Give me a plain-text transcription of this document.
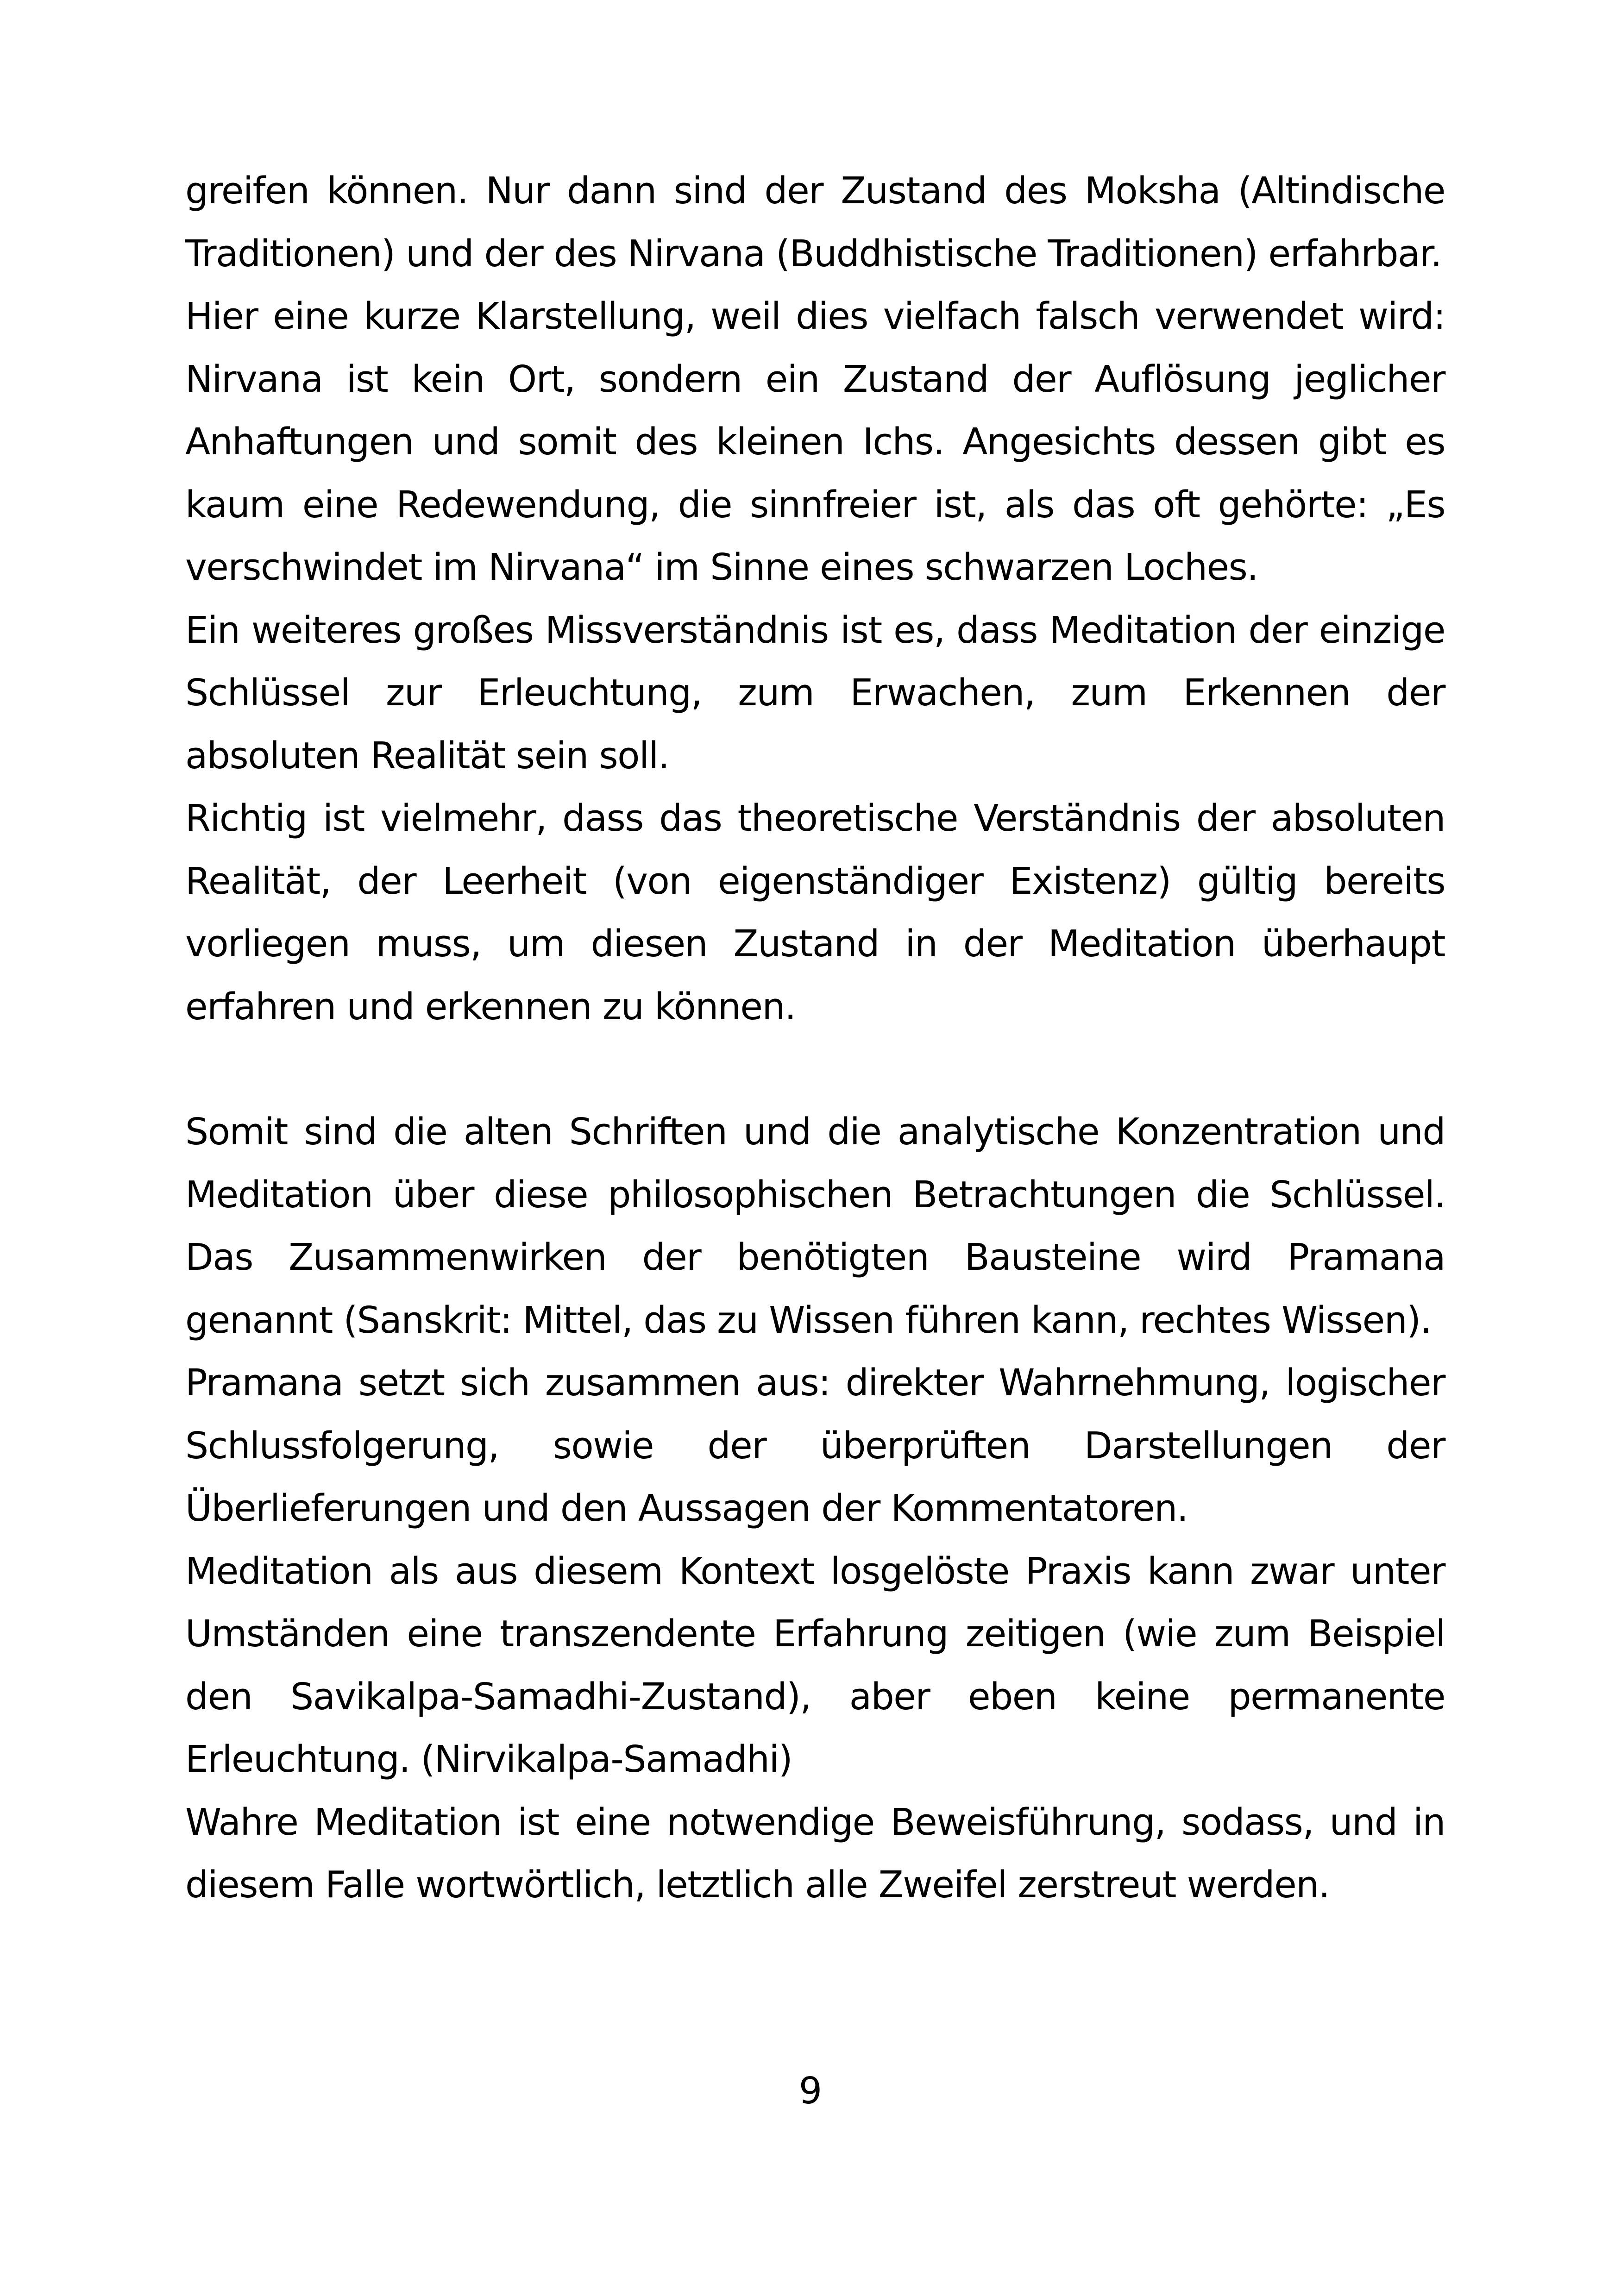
greifen können. Nur dann sind der Zustand des Moksha (Altindische Traditionen) und der des Nirvana (Buddhistische Traditionen) erfahrbar.

Hier eine kurze Klarstellung, weil dies vielfach falsch verwendet wird: Nirvana ist kein Ort, sondern ein Zustand der Auflösung jeglicher Anhaftungen und somit des kleinen Ichs. Angesichts dessen gibt es kaum eine Redewendung, die sinnfreier ist, als das oft gehörte: „Es verschwindet im Nirvana“ im Sinne eines schwarzen Loches.

Ein weiteres großes Missverständnis ist es, dass Meditation der einzige Schlüssel zur Erleuchtung, zum Erwachen, zum Erkennen der absoluten Realität sein soll.

Richtig ist vielmehr, dass das theoretische Verständnis der absoluten Realität, der Leerheit (von eigenständiger Existenz) gültig bereits vorliegen muss, um diesen Zustand in der Meditation überhaupt erfahren und erkennen zu können.

Somit sind die alten Schriften und die analytische Konzentration und Meditation über diese philosophischen Betrachtungen die Schlüssel. Das Zusammenwirken der benötigten Bausteine wird Pramana genannt (Sanskrit: Mittel, das zu Wissen führen kann, rechtes Wissen).

Pramana setzt sich zusammen aus: direkter Wahrnehmung, logischer Schlussfolgerung, sowie der überprüften Darstellungen der Überlieferungen und den Aussagen der Kommentatoren.

Meditation als aus diesem Kontext losgelöste Praxis kann zwar unter Umständen eine transzendente Erfahrung zeitigen (wie zum Beispiel den Savikalpa-Samadhi-Zustand), aber eben keine permanente Erleuchtung. (Nirvikalpa-Samadhi)

Wahre Meditation ist eine notwendige Beweisführung, sodass, und in diesem Falle wortwörtlich, letztlich alle Zweifel zerstreut werden.

9
